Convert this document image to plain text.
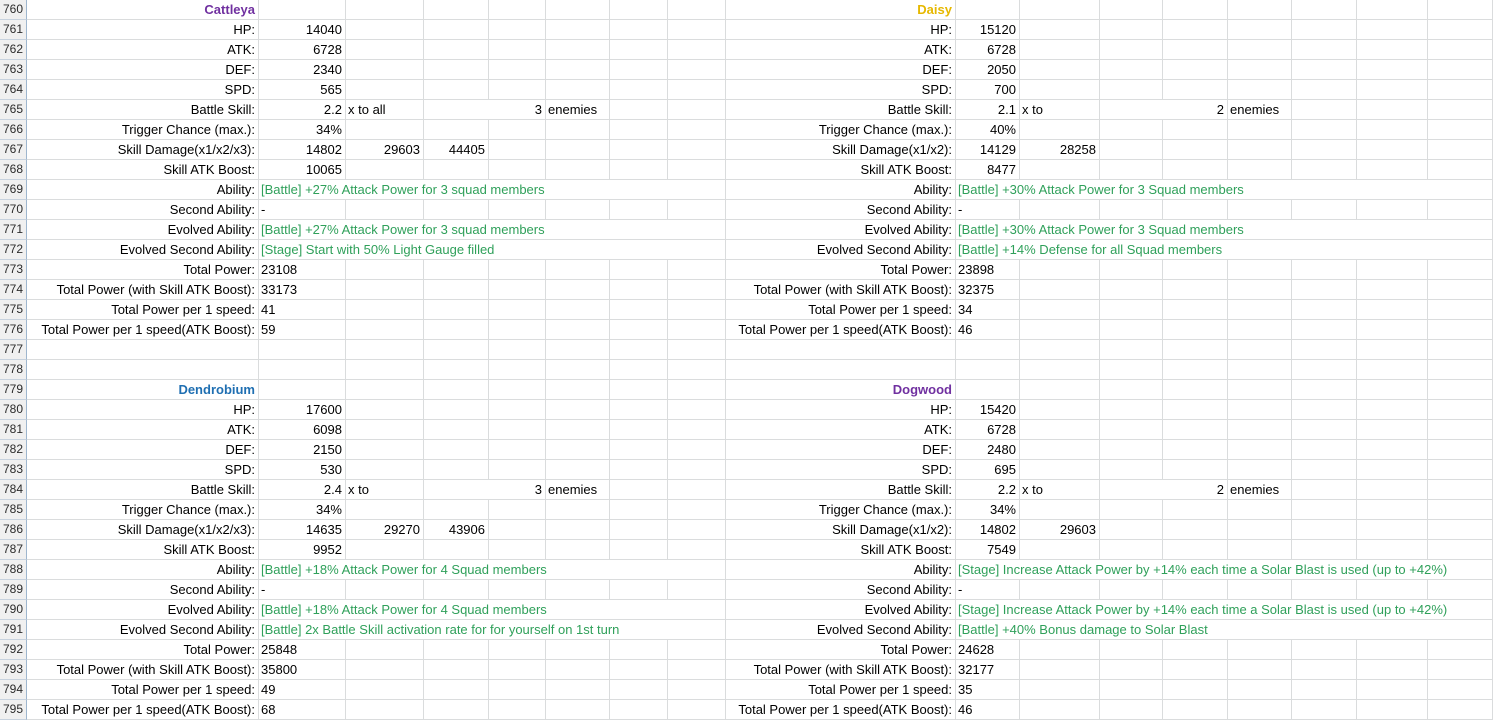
760	Cattleya	Daisy
761	HP:	14040	HP:	15120
762	ATK:	6728	ATK:	6728
763	DEF:	2340	DEF:	2050
764	SPD:	565	SPD:	700
765	Battle Skill:	2.2 x to all	3 enemies	Battle Skill:	2.1 x to	2 enemies
766	Trigger Chance (max.):	34%	Trigger Chance (max.):	40%
767	Skill Damage(x1/x2/x3):	14802	29603	44405	Skill Damage(x1/x2):	14129	28258
768	Skill ATK Boost:	10065	Skill ATK Boost:	8477
769	Ability: [Battle] +27% Attack Power for 3 squad members	Ability: [Battle] +30% Attack Power for 3 Squad members
770	Second Ability: -	Second Ability: -
771	Evolved Ability: [Battle] +27% Attack Power for 3 squad members	Evolved Ability: [Battle] +30% Attack Power for 3 Squad members
772	Evolved Second Ability: [Stage] Start with 50% Light Gauge filled	Evolved Second Ability: [Battle] +14% Defense for all Squad members
773	Total Power: 23108	Total Power: 23898
774	Total Power (with Skill ATK Boost): 33173	Total Power (with Skill ATK Boost): 32375
775	Total Power per 1 speed: 41	Total Power per 1 speed: 34
776	Total Power per 1 speed(ATK Boost): 59	Total Power per 1 speed(ATK Boost): 46
777
778
779	Dendrobium	Dogwood
780	HP:	17600	HP:	15420
781	ATK:	6098	ATK:	6728
782	DEF:	2150	DEF:	2480
783	SPD:	530	SPD:	695
784	Battle Skill:	2.4 x to	3 enemies	Battle Skill:	2.2 x to	2 enemies
785	Trigger Chance (max.):	34%	Trigger Chance (max.):	34%
786	Skill Damage(x1/x2/x3):	14635	29270	43906	Skill Damage(x1/x2):	14802	29603
787	Skill ATK Boost:	9952	Skill ATK Boost:	7549
788	Ability: [Battle] +18% Attack Power for 4 Squad members	Ability: [Stage] Increase Attack Power by +14% each time a Solar Blast is used (up to +42%)
789	Second Ability: -	Second Ability: -
790	Evolved Ability: [Battle] +18% Attack Power for 4 Squad members	Evolved Ability: [Stage] Increase Attack Power by +14% each time a Solar Blast is used (up to +42%)
791	Evolved Second Ability: [Battle] 2x Battle Skill activation rate for for yourself on 1st turn	Evolved Second Ability: [Battle] +40% Bonus damage to Solar Blast
792	Total Power: 25848	Total Power: 24628
793	Total Power (with Skill ATK Boost): 35800	Total Power (with Skill ATK Boost): 32177
794	Total Power per 1 speed: 49	Total Power per 1 speed: 35
795	Total Power per 1 speed(ATK Boost): 68	Total Power per 1 speed(ATK Boost): 46
